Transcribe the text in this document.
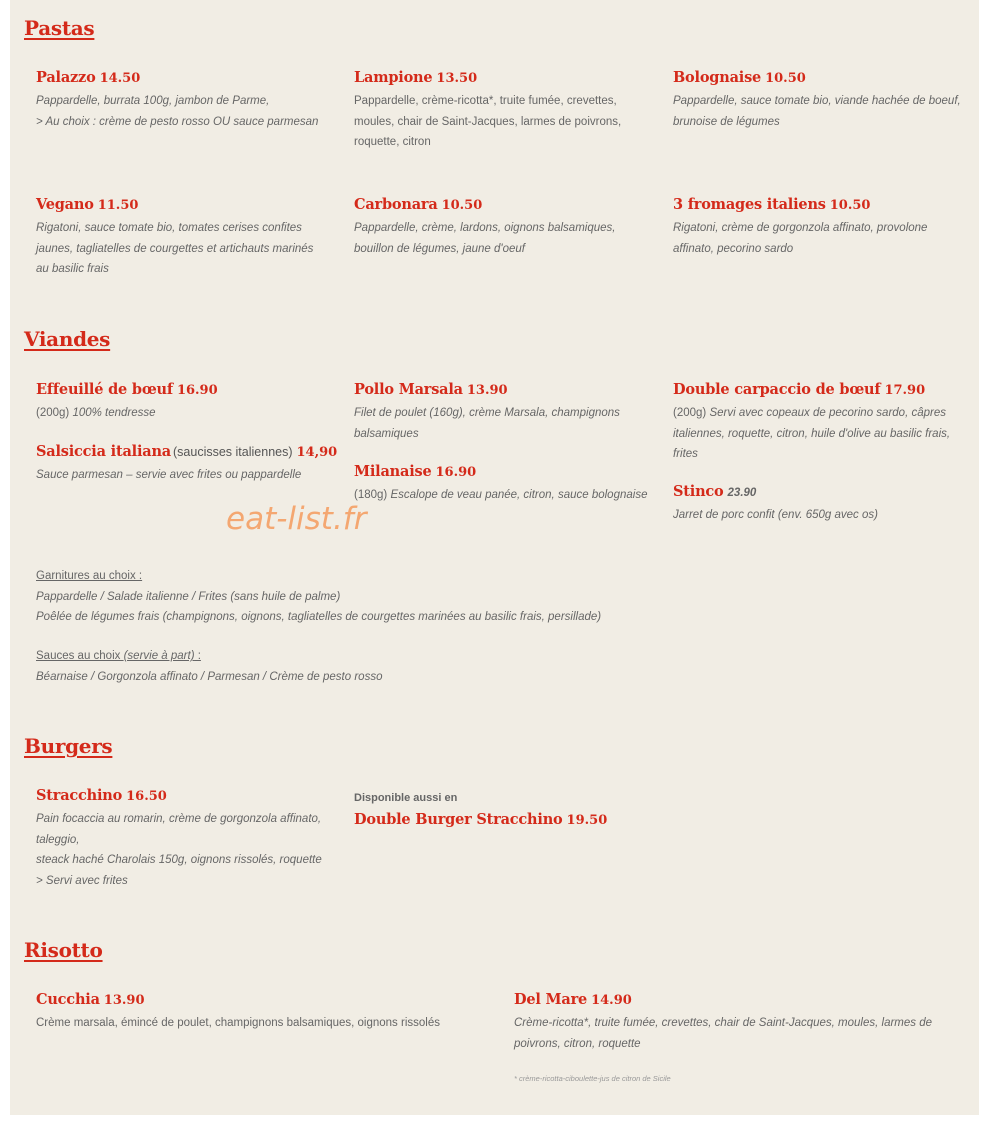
Pastas
Palazzo 14.50
Pappardelle, burrata 100g, jambon de Parme,
> Au choix : crème de pesto rosso OU sauce parmesan
Lampione 13.50
Pappardelle, crème-ricotta*, truite fumée, crevettes,
moules, chair de Saint-Jacques, larmes de poivrons,
roquette, citron
Bolognaise 10.50
Pappardelle, sauce tomate bio, viande hachée de boeuf,
brunoise de légumes
Vegano 11.50
Rigatoni, sauce tomate bio, tomates cerises confites
jaunes, tagliatelles de courgettes et artichauts marinés
au basilic frais
Carbonara 10.50
Pappardelle, crème, lardons, oignons balsamiques,
bouillon de légumes, jaune d'oeuf
3 fromages italiens 10.50
Rigatoni, crème de gorgonzola affinato, provolone
affinato, pecorino sardo
Viandes
Effeuillé de bœuf 16.90
(200g) 100% tendresse
Salsiccia italiana (saucisses italiennes) 14,90
Sauce parmesan – servie avec frites ou pappardelle
Pollo Marsala 13.90
Filet de poulet (160g), crème Marsala, champignons
balsamiques
Milanaise 16.90
(180g) Escalope de veau panée, citron, sauce bolognaise
Double carpaccio de bœuf 17.90
(200g) Servi avec copeaux de pecorino sardo, câpres
italiennes, roquette, citron, huile d'olive au basilic frais,
frites
Stinco 23.90
Jarret de porc confit (env. 650g avec os)
eat-list.fr
Garnitures au choix :
Pappardelle / Salade italienne / Frites (sans huile de palme)
Poêlée de légumes frais (champignons, oignons, tagliatelles de courgettes marinées au basilic frais, persillade)
Sauces au choix (servie à part) :
Béarnaise / Gorgonzola affinato / Parmesan / Crème de pesto rosso
Burgers
Stracchino 16.50
Pain focaccia au romarin, crème de gorgonzola affinato,
taleggio,
steack haché Charolais 150g, oignons rissolés, roquette
> Servi avec frites
Disponible aussi en
Double Burger Stracchino 19.50
Risotto
Cucchia 13.90
Crème marsala, émincé de poulet, champignons balsamiques, oignons rissolés
Del Mare 14.90
Crème-ricotta*, truite fumée, crevettes, chair de Saint-Jacques, moules, larmes de
poivrons, citron, roquette
* crème-ricotta-ciboulette-jus de citron de Sicile
